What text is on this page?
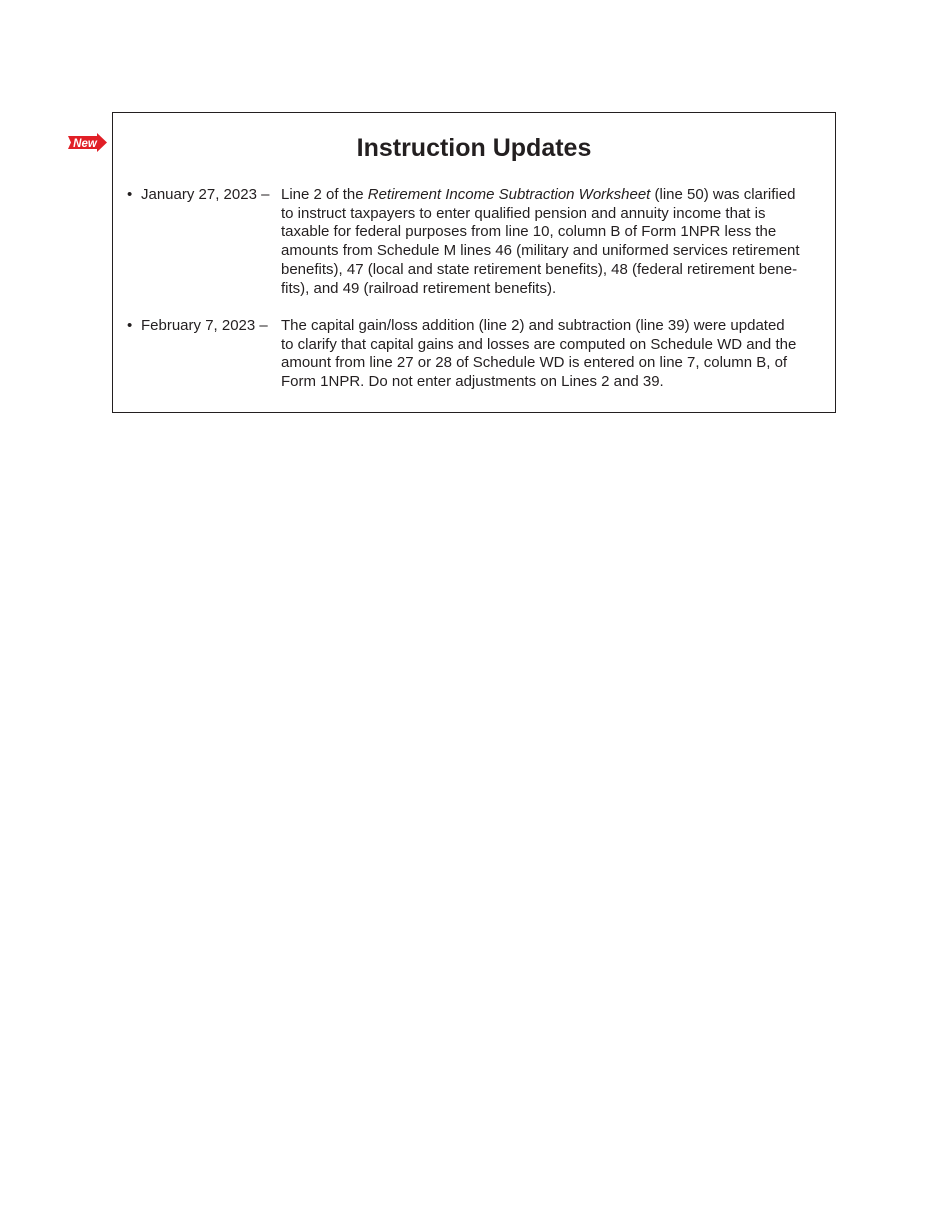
New	Instruction Updates
• January 27, 2023 – Line 2 of the Retirement Income Subtraction Worksheet (line 50) was clarified
to instruct taxpayers to enter qualified pension and annuity income that is
taxable for federal purposes from line 10, column B of Form 1NPR less the
amounts from Schedule M lines 46 (military and uniformed services retirement
benefits), 47 (local and state retirement benefits), 48 (federal retirement bene-
fits), and 49 (railroad retirement benefits).

• February 7, 2023 – The capital gain/loss addition (line 2) and subtraction (line 39) were updated
to clarify that capital gains and losses are computed on Schedule WD and the
amount from line 27 or 28 of Schedule WD is entered on line 7, column B, of
Form 1NPR. Do not enter adjustments on Lines 2 and 39.
